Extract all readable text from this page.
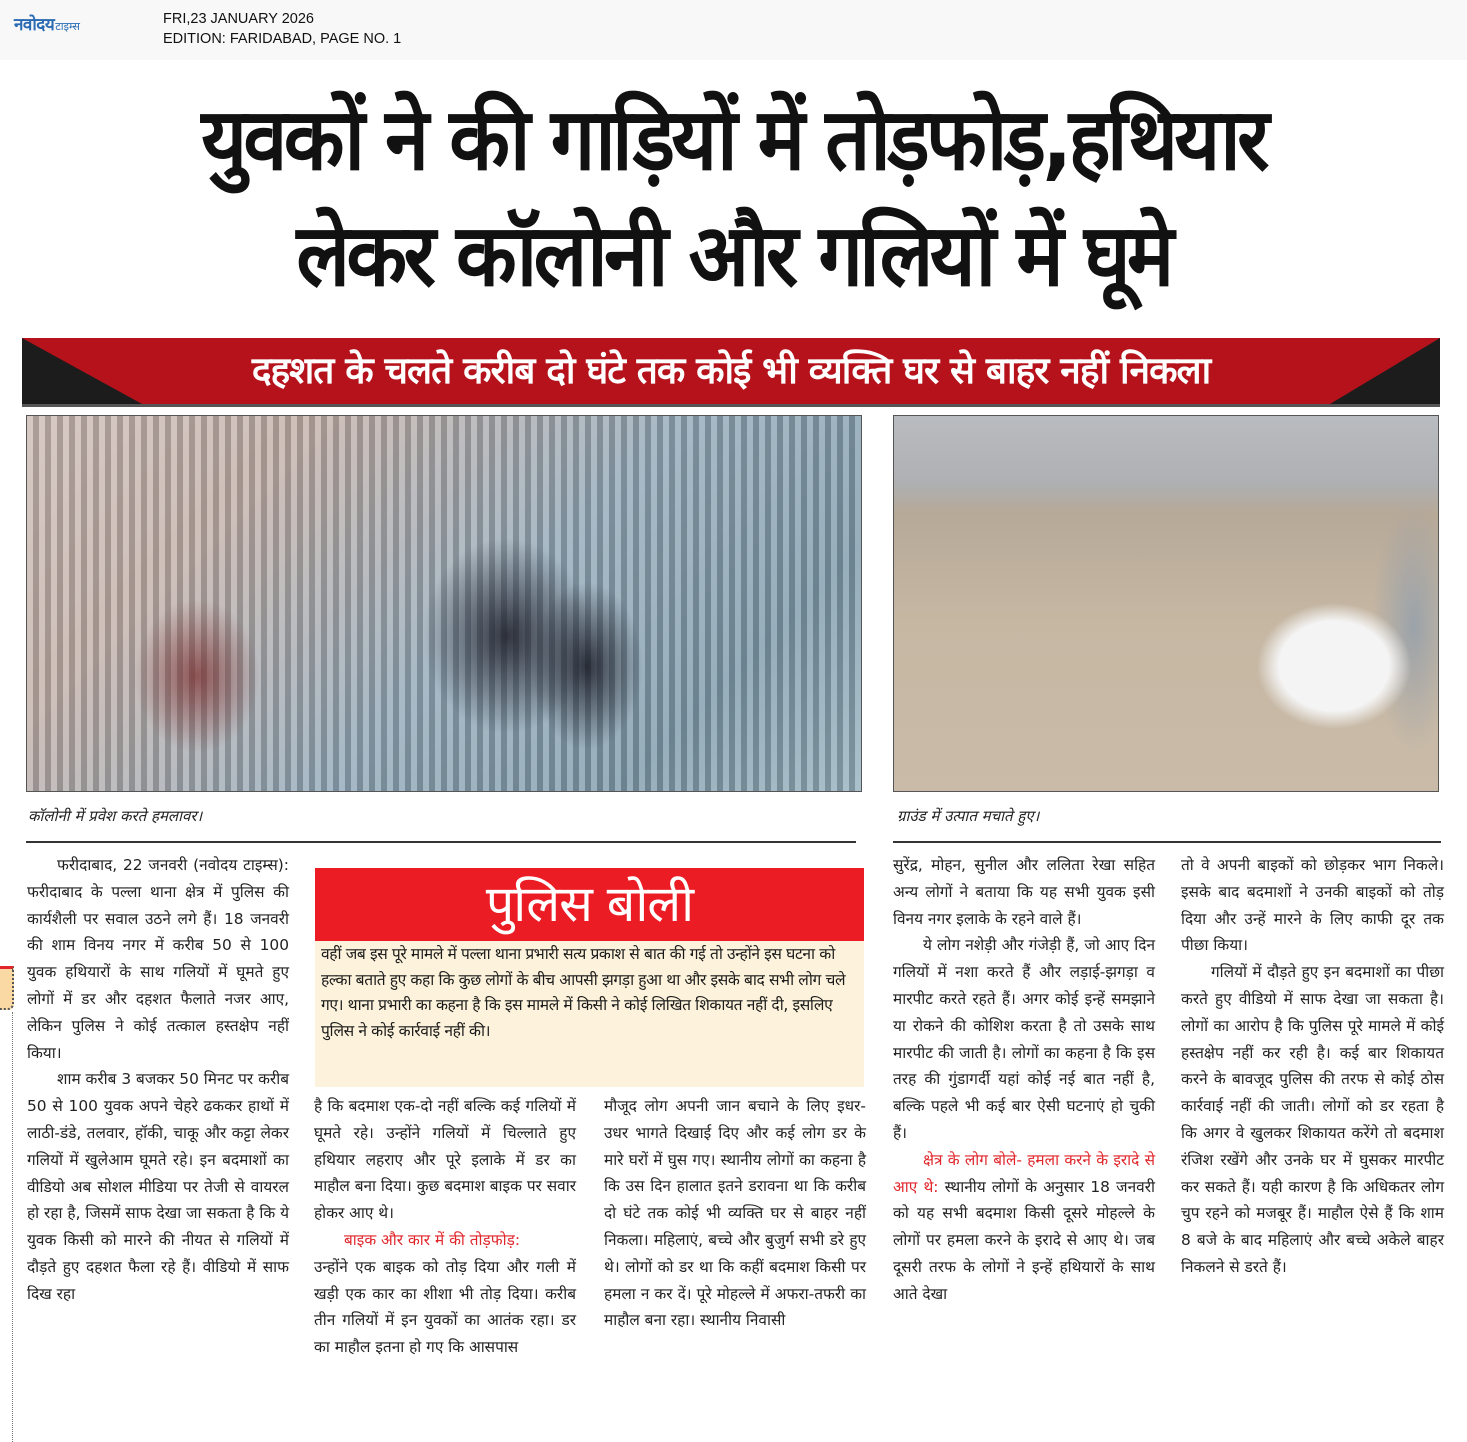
नवोदय टाइम्स	FRI,23 JANUARY 2026
EDITION: FARIDABAD, PAGE NO. 1
युवकों ने की गाड़ियों में तोड़फोड़,हथियार
लेकर कॉलोनी और गलियों में घूमे
दहशत के चलते करीब दो घंटे तक कोई भी व्यक्ति घर से बाहर नहीं निकला
कॉलोनी में प्रवेश करते हमलावर।	ग्राउंड में उत्पात मचाते हुए।

फरीदाबाद, 22 जनवरी (नवोदय टाइम्स): फरीदाबाद के पल्ला थाना क्षेत्र में पुलिस की कार्यशैली पर सवाल उठने लगे हैं। 18 जनवरी की शाम विनय नगर में करीब 50 से 100 युवक हथियारों के साथ गलियों में घूमते हुए लोगों में डर और दहशत फैलाते नजर आए, लेकिन पुलिस ने कोई तत्काल हस्तक्षेप नहीं किया।

शाम करीब 3 बजकर 50 मिनट पर करीब 50 से 100 युवक अपने चेहरे ढककर हाथों में लाठी-डंडे, तलवार, हॉकी, चाकू और कट्टा लेकर गलियों में खुलेआम घूमते रहे। इन बदमाशों का वीडियो अब सोशल मीडिया पर तेजी से वायरल हो रहा है, जिसमें साफ देखा जा सकता है कि ये युवक किसी को मारने की नीयत से गलियों में दौड़ते हुए दहशत फैला रहे हैं। वीडियो में साफ दिख रहा

पुलिस बोली
वहीं जब इस पूरे मामले में पल्ला थाना प्रभारी सत्य प्रकाश से बात की गई तो उन्होंने इस घटना को हल्का बताते हुए कहा कि कुछ लोगों के बीच आपसी झगड़ा हुआ था और इसके बाद सभी लोग चले गए। थाना प्रभारी का कहना है कि इस मामले में किसी ने कोई लिखित शिकायत नहीं दी, इसलिए पुलिस ने कोई कार्रवाई नहीं की।

है कि बदमाश एक-दो नहीं बल्कि कई गलियों में घूमते रहे। उन्होंने गलियों में चिल्लाते हुए हथियार लहराए और पूरे इलाके में डर का माहौल बना दिया। कुछ बदमाश बाइक पर सवार होकर आए थे।

बाइक और कार में की तोड़फोड़:

उन्होंने एक बाइक को तोड़ दिया और गली में खड़ी एक कार का शीशा भी तोड़ दिया। करीब तीन गलियों में इन युवकों का आतंक रहा। डर का माहौल इतना हो गए कि आसपास

मौजूद लोग अपनी जान बचाने के लिए इधर-उधर भागते दिखाई दिए और कई लोग डर के मारे घरों में घुस गए। स्थानीय लोगों का कहना है कि उस दिन हालात इतने डरावना था कि करीब दो घंटे तक कोई भी व्यक्ति घर से बाहर नहीं निकला। महिलाएं, बच्चे और बुजुर्ग सभी डरे हुए थे। लोगों को डर था कि कहीं बदमाश किसी पर हमला न कर दें। पूरे मोहल्ले में अफरा-तफरी का माहौल बना रहा। स्थानीय निवासी

सुरेंद्र, मोहन, सुनील और ललिता रेखा सहित अन्य लोगों ने बताया कि यह सभी युवक इसी विनय नगर इलाके के रहने वाले हैं।

ये लोग नशेड़ी और गंजेड़ी हैं, जो आए दिन गलियों में नशा करते हैं और लड़ाई-झगड़ा व मारपीट करते रहते हैं। अगर कोई इन्हें समझाने या रोकने की कोशिश करता है तो उसके साथ मारपीट की जाती है। लोगों का कहना है कि इस तरह की गुंडागर्दी यहां कोई नई बात नहीं है, बल्कि पहले भी कई बार ऐसी घटनाएं हो चुकी हैं।

क्षेत्र के लोग बोले- हमला करने के इरादे से आए थे: स्थानीय लोगों के अनुसार 18 जनवरी को यह सभी बदमाश किसी दूसरे मोहल्ले के लोगों पर हमला करने के इरादे से आए थे। जब दूसरी तरफ के लोगों ने इन्हें हथियारों के साथ आते देखा

तो वे अपनी बाइकों को छोड़कर भाग निकले। इसके बाद बदमाशों ने उनकी बाइकों को तोड़ दिया और उन्हें मारने के लिए काफी दूर तक पीछा किया।

गलियों में दौड़ते हुए इन बदमाशों का पीछा करते हुए वीडियो में साफ देखा जा सकता है।लोगों का आरोप है कि पुलिस पूरे मामले में कोई हस्तक्षेप नहीं कर रही है। कई बार शिकायत करने के बावजूद पुलिस की तरफ से कोई ठोस कार्रवाई नहीं की जाती। लोगों को डर रहता है कि अगर वे खुलकर शिकायत करेंगे तो बदमाश रंजिश रखेंगे और उनके घर में घुसकर मारपीट कर सकते हैं। यही कारण है कि अधिकतर लोग चुप रहने को मजबूर हैं। माहौल ऐसे हैं कि शाम 8 बजे के बाद महिलाएं और बच्चे अकेले बाहर निकलने से डरते हैं।
